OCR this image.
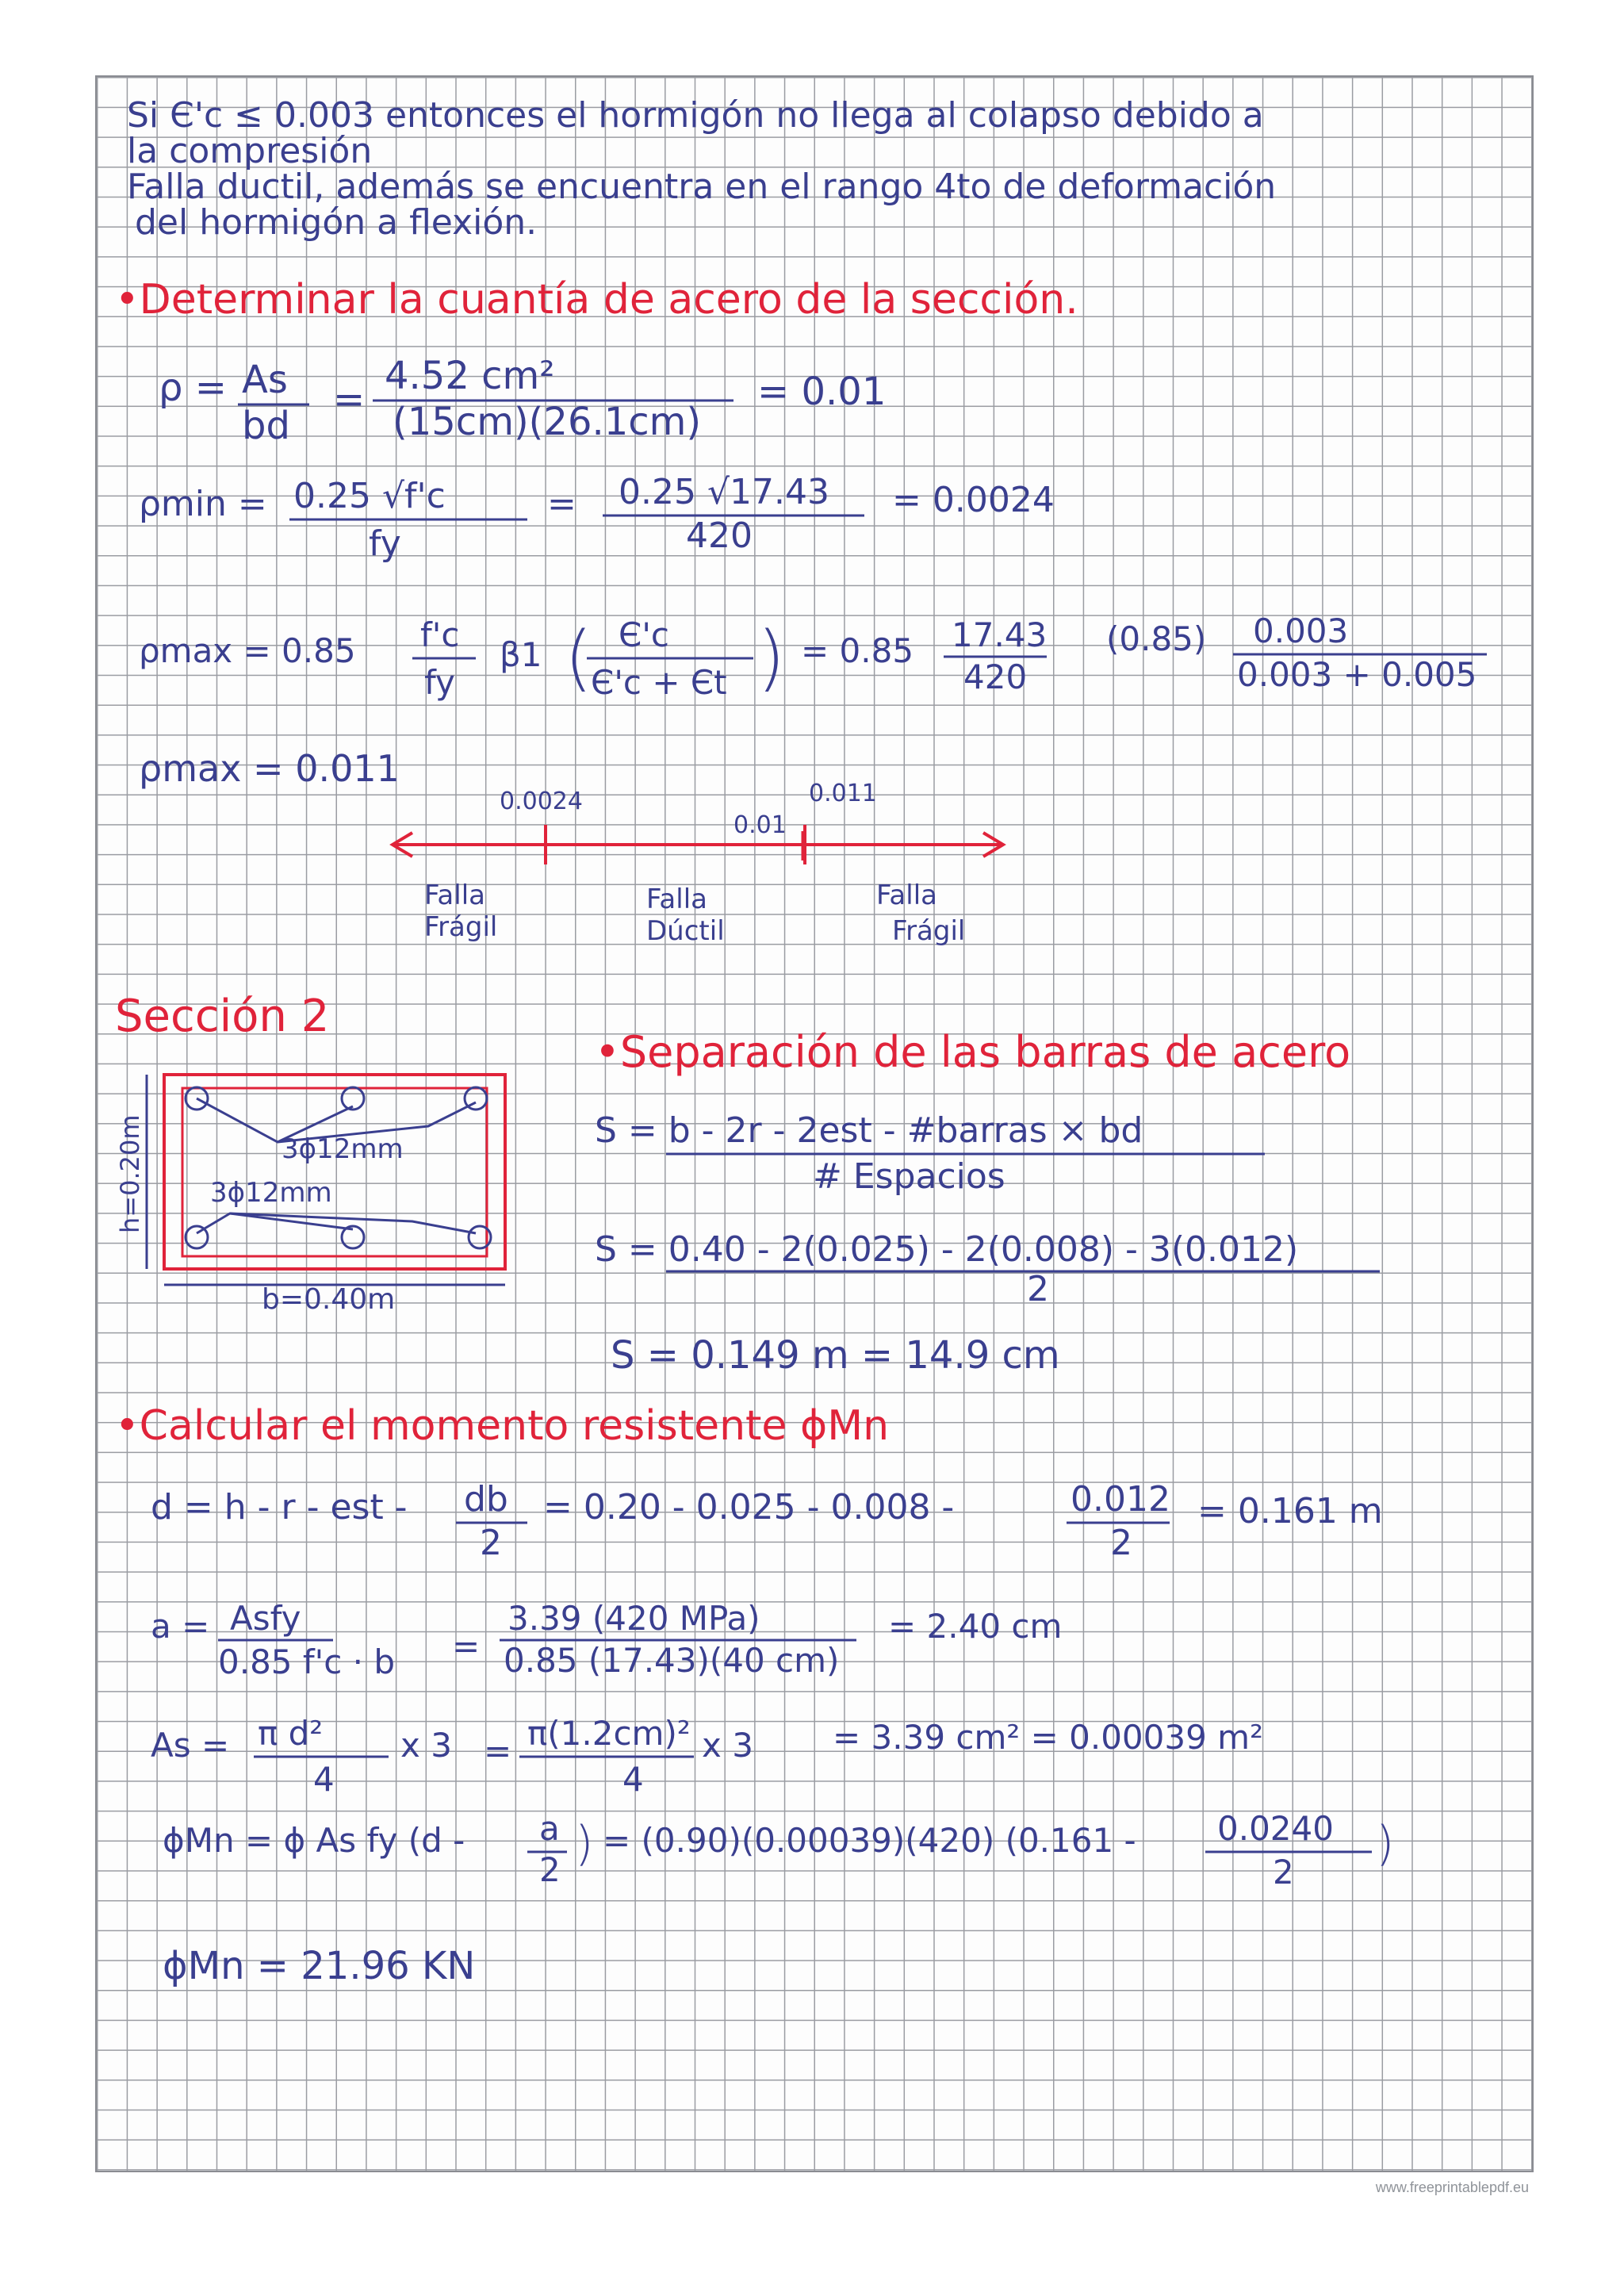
Si Є'c ≤ 0.003 entonces el hormigón no llega al colapso debido a
la compresión
Falla ductil, además se encuentra en el rango 4to de deformación
del hormigón a flexión.
•Determinar la cuantía de acero de la sección.
ρ = As
bd
=
4.52 cm²
(15cm)(26.1cm)
= 0.01
ρmin = 0.25 √f'c
fy
= 0.25 √17.43
420
= 0.0024
ρmax = 0.85 f'c
fy
β1 ( Є'c
Є'c + Єt ) = 0.85 17.43
420
(0.85) 0.003
0.003 + 0.005
ρmax = 0.011
0.0024
0.01
0.011
Falla
Frágil
Falla
Dúctil
Falla
Frágil
Sección 2
h=0.20m
b=0.40m
3ϕ12mm
3ϕ12mm
•Separación de las barras de acero
S = b - 2r - 2est - #barras × bd
# Espacios
S = 0.40 - 2(0.025) - 2(0.008) - 3(0.012)
2
S = 0.149 m = 14.9 cm
•Calcular el momento resistente ϕMn
d = h - r - est - db
2
= 0.20 - 0.025 - 0.008 -	0.012
2
= 0.161 m
a = Asfy
0.85 f'c · b =
3.39 (420 MPa)
0.85 (17.43)(40 cm)
= 2.40 cm
As = π d²
4
x 3 = π(1.2cm)²
4
x 3 = 3.39 cm² = 0.00039 m²
ϕMn = ϕ As fy (d - a
2 ) = (0.90)(0.00039)(420) (0.161 - 0.0240
2
)
ϕMn = 21.96 KN
www.freeprintablepdf.eu
